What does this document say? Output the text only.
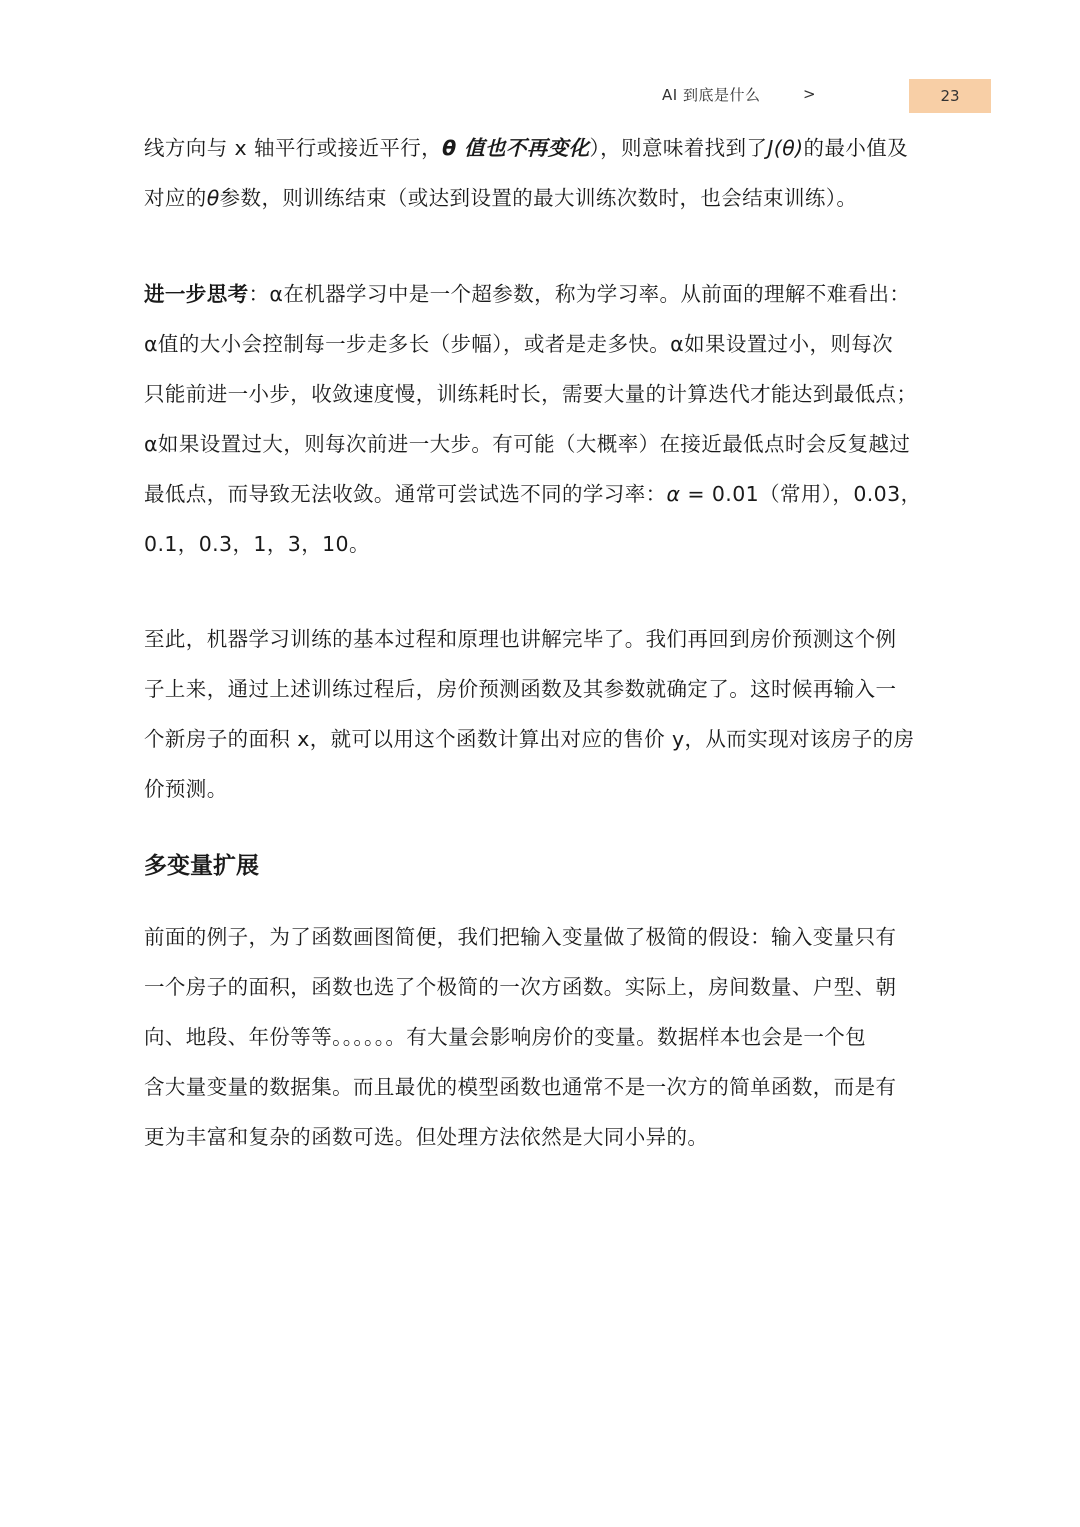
AI 到底是什么	>	23

线方向与 x 轴平行或接近平行，θ 值也不再变化），则意味着找到了J(θ)的最小值及
对应的θ参数，则训练结束（或达到设置的最大训练次数时，也会结束训练）。

进一步思考：α在机器学习中是一个超参数，称为学习率。从前面的理解不难看出：
α值的大小会控制每一步走多长（步幅），或者是走多快。α如果设置过小，则每次
只能前进一小步，收敛速度慢，训练耗时长，需要大量的计算迭代才能达到最低点；
α如果设置过大，则每次前进一大步。有可能（大概率）在接近最低点时会反复越过
最低点，而导致无法收敛。通常可尝试选不同的学习率：α = 0.01（常用），0.03，
0.1，0.3，1，3，10。

至此，机器学习训练的基本过程和原理也讲解完毕了。我们再回到房价预测这个例
子上来，通过上述训练过程后，房价预测函数及其参数就确定了。这时候再输入一
个新房子的面积 x，就可以用这个函数计算出对应的售价 y，从而实现对该房子的房
价预测。

多变量扩展

前面的例子，为了函数画图简便，我们把输入变量做了极简的假设：输入变量只有
一个房子的面积，函数也选了个极简的一次方函数。实际上，房间数量、户型、朝
向、地段、年份等等。。。。。。有大量会影响房价的变量。数据样本也会是一个包
含大量变量的数据集。而且最优的模型函数也通常不是一次方的简单函数，而是有
更为丰富和复杂的函数可选。但处理方法依然是大同小异的。
